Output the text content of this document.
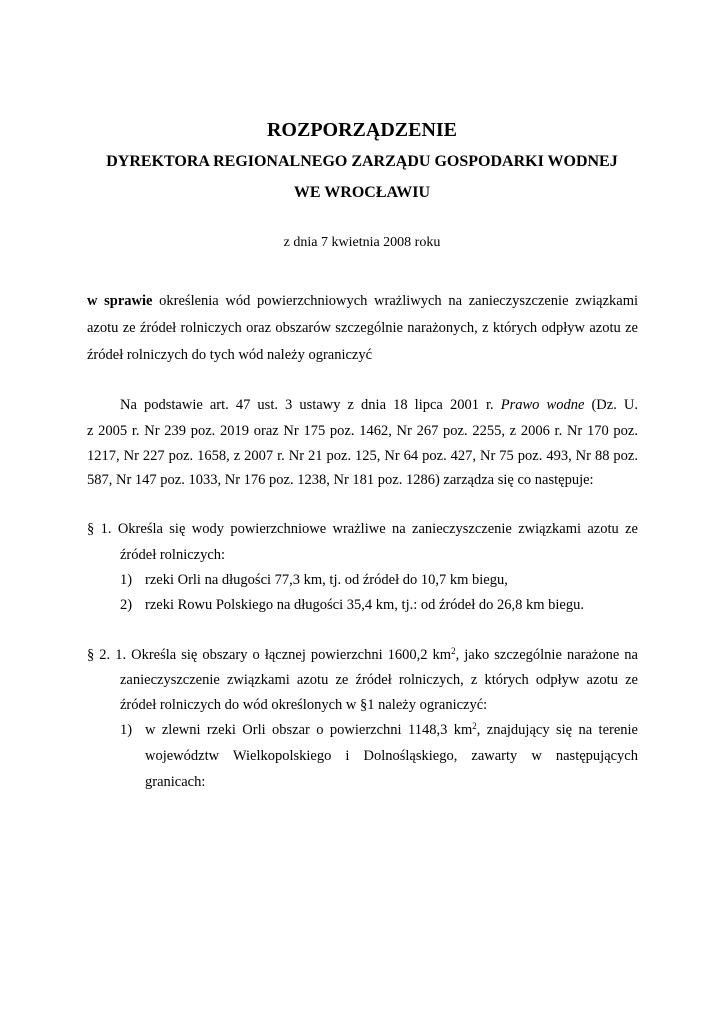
ROZPORZĄDZENIE
DYREKTORA REGIONALNEGO ZARZĄDU GOSPODARKI WODNEJ
WE WROCŁAWIU
z dnia 7 kwietnia 2008 roku
w sprawie określenia wód powierzchniowych wrażliwych na zanieczyszczenie związkami
azotu ze źródeł rolniczych oraz obszarów szczególnie narażonych, z których odpływ azotu ze
źródeł rolniczych do tych wód należy ograniczyć
Na podstawie art. 47 ust. 3 ustawy z dnia 18 lipca 2001 r. Prawo wodne (Dz. U.
z 2005 r. Nr 239 poz. 2019 oraz Nr 175 poz. 1462, Nr 267 poz. 2255, z 2006 r. Nr 170 poz.
1217, Nr 227 poz. 1658, z 2007 r. Nr 21 poz. 125, Nr 64 poz. 427, Nr 75 poz. 493, Nr 88 poz.
587, Nr 147 poz. 1033, Nr 176 poz. 1238, Nr 181 poz. 1286) zarządza się co następuje:
§ 1. Określa się wody powierzchniowe wrażliwe na zanieczyszczenie związkami azotu ze
źródeł rolniczych:
1) rzeki Orli na długości 77,3 km, tj. od źródeł do 10,7 km biegu,
2) rzeki Rowu Polskiego na długości 35,4 km, tj.: od źródeł do 26,8 km biegu.
§ 2. 1. Określa się obszary o łącznej powierzchni 1600,2 $km^2$, jako szczególnie narażone na
zanieczyszczenie związkami azotu ze źródeł rolniczych, z których odpływ azotu ze
źródeł rolniczych do wód określonych w §1 należy ograniczyć:
1) w zlewni rzeki Orli obszar o powierzchni 1148,3 $km^2$, znajdujący się na terenie
województw Wielkopolskiego i Dolnośląskiego, zawarty w następujących
granicach:
